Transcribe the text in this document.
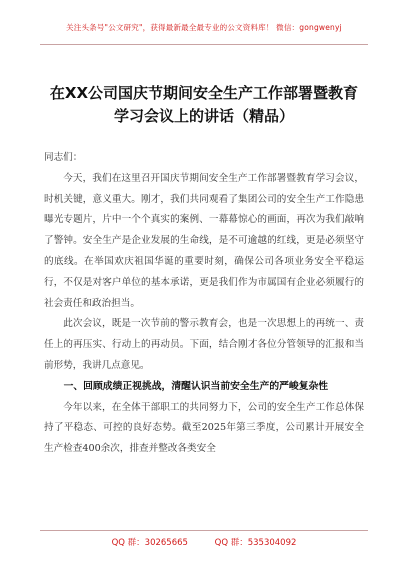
关注头条号"公文研究"，获得最新最全最专业的公文资料库！ 微信：gongwenyj
在XX公司国庆节期间安全生产工作部署暨教育学习会议上的讲话（精品）

同志们：

今天，我们在这里召开国庆节期间安全生产工作部署暨教育学习会议，时机关键，意义重大。刚才，我们共同观看了集团公司的安全生产工作隐患曝光专题片，片中一个个真实的案例、一幕幕惊心的画面，再次为我们敲响了警钟。安全生产是企业发展的生命线，是不可逾越的红线，更是必须坚守的底线。在举国欢庆祖国华诞的重要时刻，确保公司各项业务安全平稳运行，不仅是对客户单位的基本承诺，更是我们作为市属国有企业必须履行的社会责任和政治担当。

此次会议，既是一次节前的警示教育会，也是一次思想上的再统一、责任上的再压实、行动上的再动员。下面，结合刚才各位分管领导的汇报和当前形势，我讲几点意见。

一、回顾成绩正视挑战，清醒认识当前安全生产的严峻复杂性

今年以来，在全体干部职工的共同努力下，公司的安全生产工作总体保持了平稳态、可控的良好态势。截至2025年第三季度，公司累计开展安全生产检查400余次，排查并整改各类安全

QQ 群：30265665	QQ 群：535304092
